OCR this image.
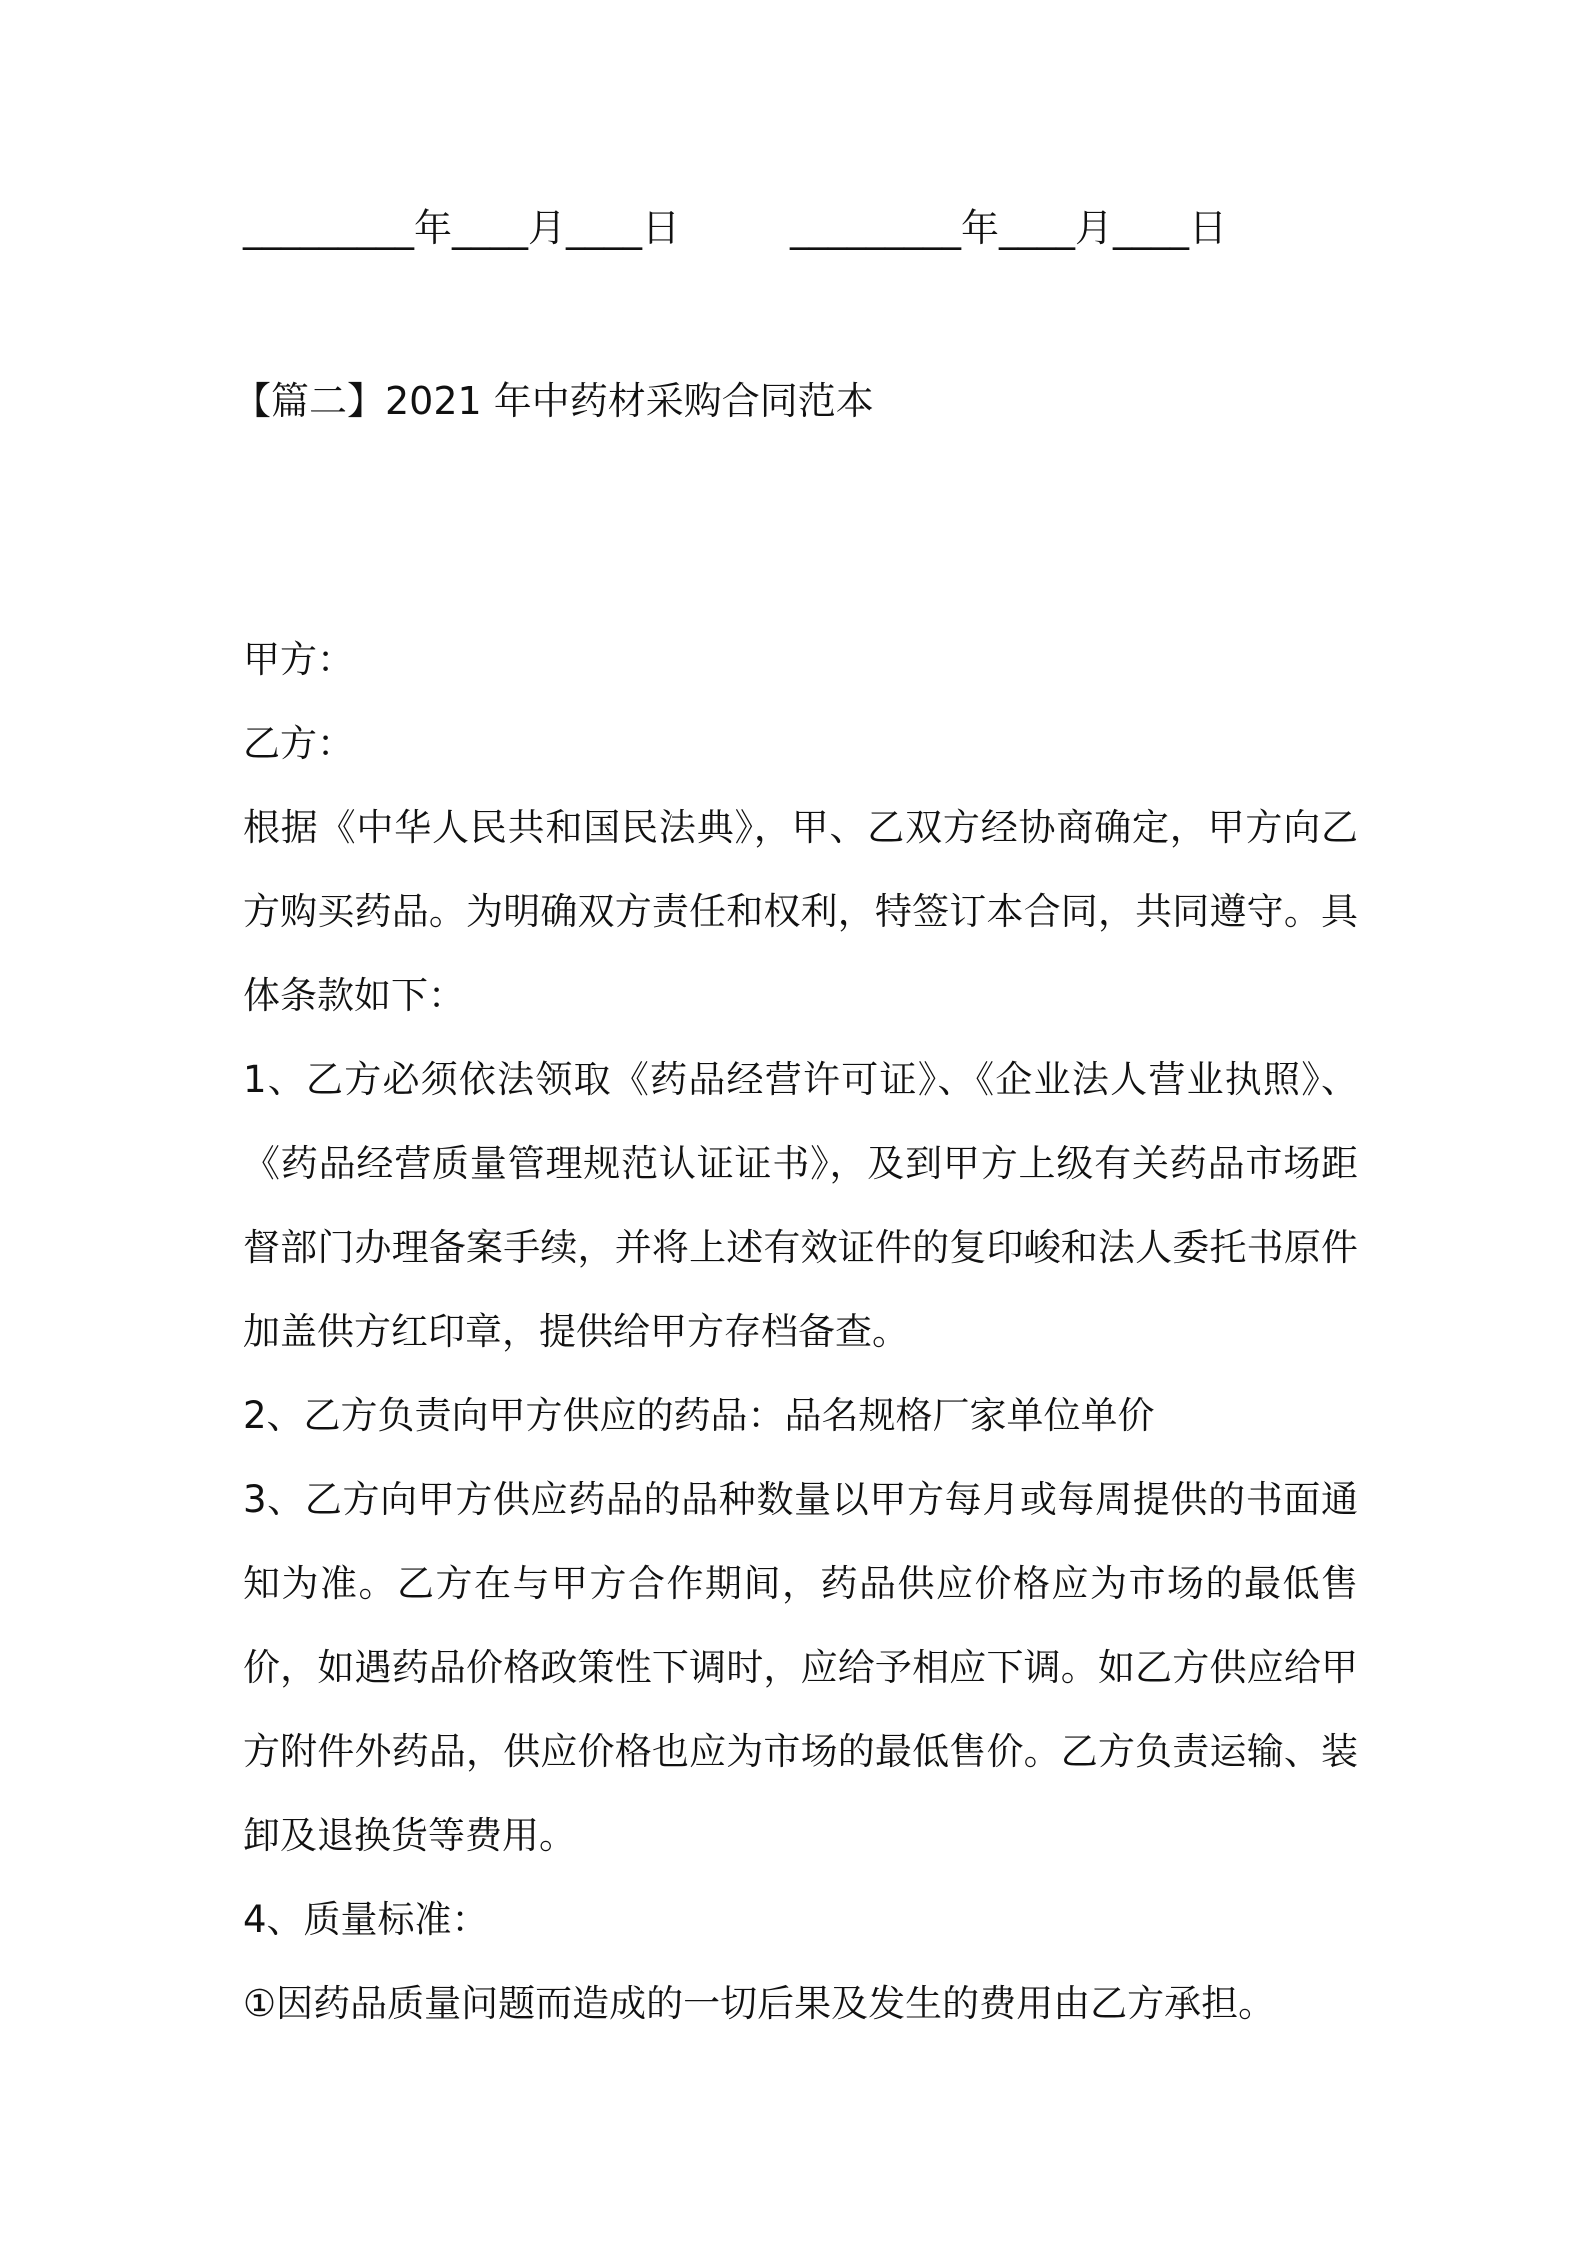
_________年____月____日	_________年____月____日
【篇二】2021 年中药材采购合同范本

甲方：

乙方：

根据《中华人民共和国民法典》，甲、乙双方经协商确定，甲方向乙方购买药品。为明确双方责任和权利，特签订本合同，共同遵守。具体条款如下：

1、乙方必须依法领取《药品经营许可证》、《企业法人营业执照》、《药品经营质量管理规范认证证书》，及到甲方上级有关药品市场距督部门办理备案手续，并将上述有效证件的复印峻和法人委托书原件加盖供方红印章，提供给甲方存档备查。

2、乙方负责向甲方供应的药品：品名规格厂家单位单价

3、乙方向甲方供应药品的品种数量以甲方每月或每周提供的书面通知为准。乙方在与甲方合作期间，药品供应价格应为市场的最低售价，如遇药品价格政策性下调时，应给予相应下调。如乙方供应给甲方附件外药品，供应价格也应为市场的最低售价。乙方负责运输、装卸及退换货等费用。

4、质量标准：

①因药品质量问题而造成的一切后果及发生的费用由乙方承担。
